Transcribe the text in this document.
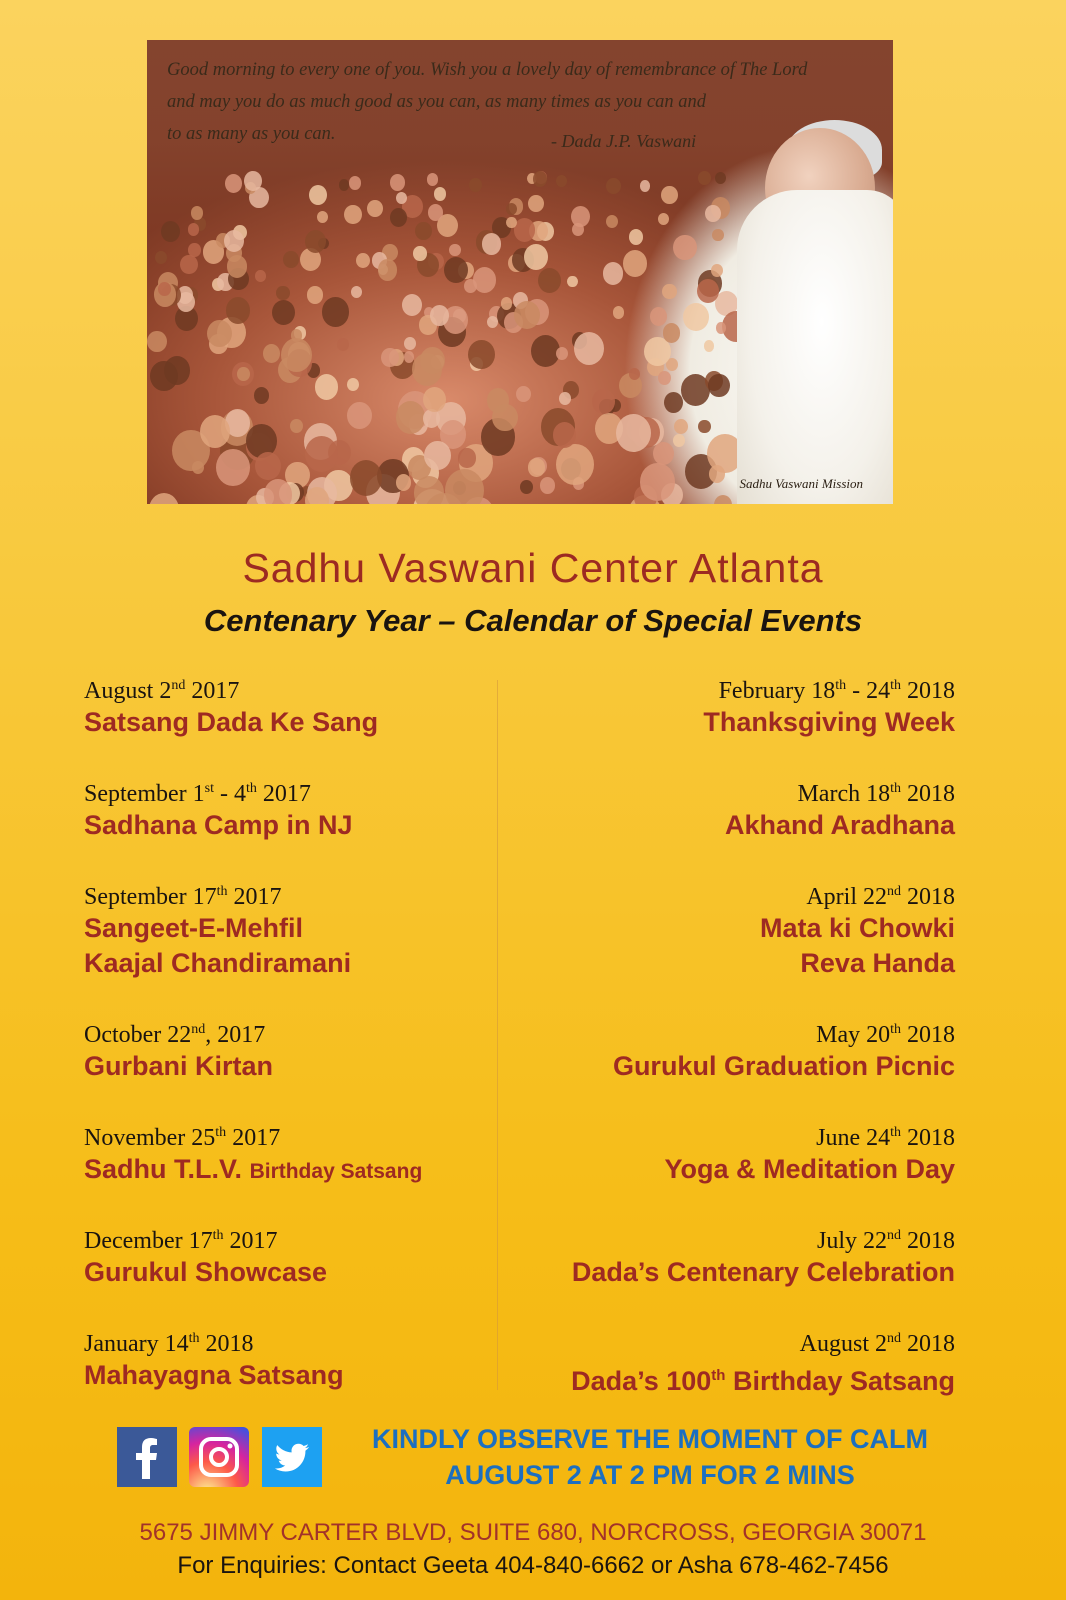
Good morning to every one of you. Wish you a lovely day of remembrance of The Lord
and may you do as much good as you can, as many times as you can and
to as many as you can.	- Dada J.P. Vaswani
Sadhu Vaswani Mission
Sadhu Vaswani Center Atlanta
Centenary Year – Calendar of Special Events
August 2nd 2017
Satsang Dada Ke Sang
September 1st - 4th 2017
Sadhana Camp in NJ
September 17th 2017
Sangeet-E-Mehfil
Kaajal Chandiramani
October 22nd, 2017
Gurbani Kirtan
November 25th 2017
Sadhu T.L.V. Birthday Satsang
December 17th 2017
Gurukul Showcase
January 14th 2018
Mahayagna Satsang
February 18th - 24th 2018
Thanksgiving Week
March 18th 2018
Akhand Aradhana
April 22nd 2018
Mata ki Chowki
Reva Handa
May 20th 2018
Gurukul Graduation Picnic
June 24th 2018
Yoga & Meditation Day
July 22nd 2018
Dada’s Centenary Celebration
August 2nd 2018
Dada’s 100th Birthday Satsang
KINDLY OBSERVE THE MOMENT OF CALM
AUGUST 2 AT 2 PM FOR 2 MINS
5675 JIMMY CARTER BLVD, SUITE 680, NORCROSS, GEORGIA 30071
For Enquiries: Contact Geeta 404-840-6662 or Asha 678-462-7456
